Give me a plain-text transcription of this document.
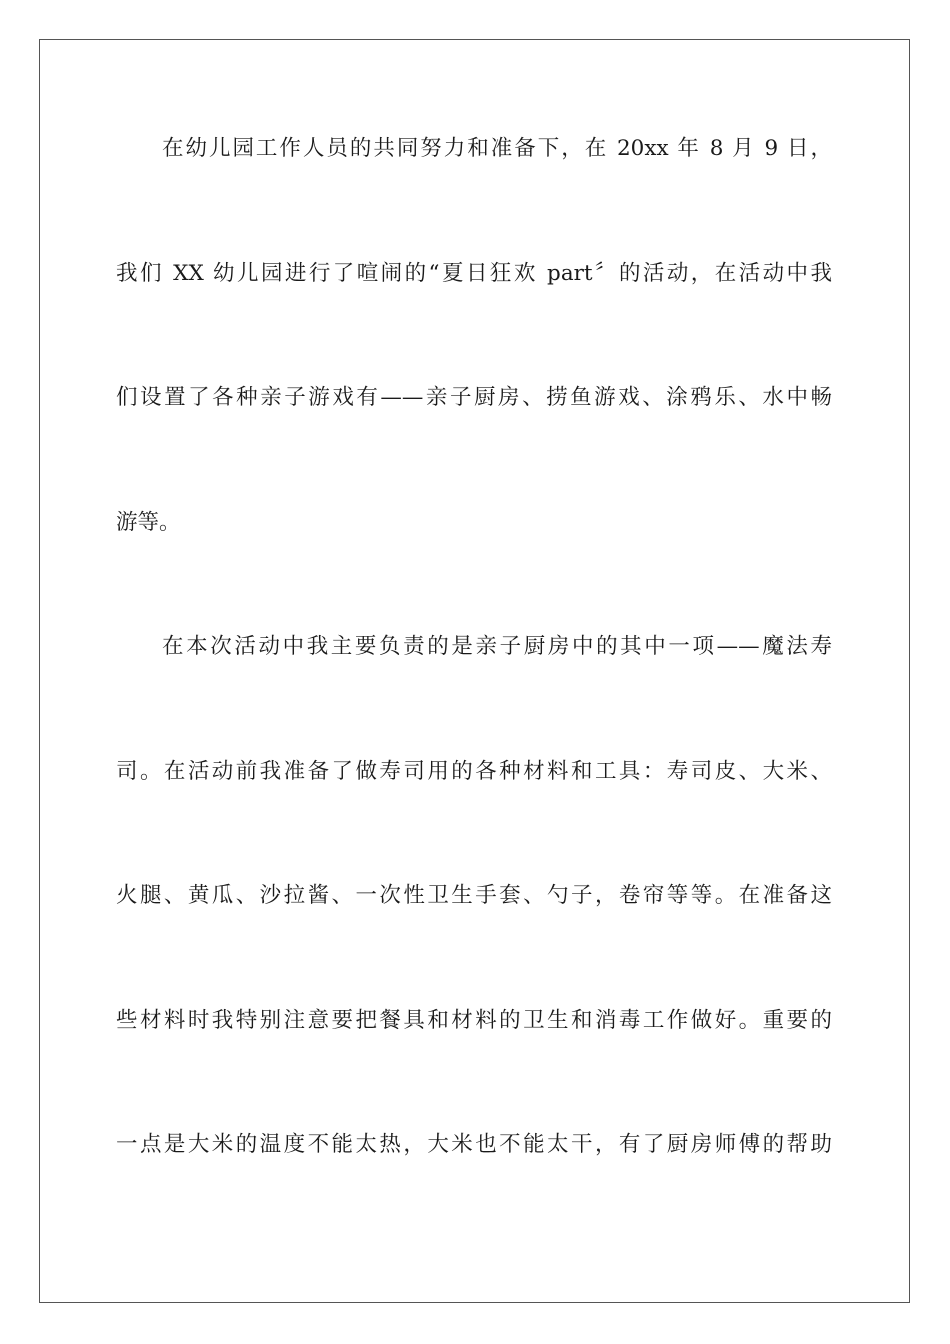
在幼儿园工作人员的共同努力和准备下，在 20xx 年 8 月 9 日，
我们 XX 幼儿园进行了喧闹的“夏日狂欢 part〞的活动，在活动中我
们设置了各种亲子游戏有——亲子厨房、捞鱼游戏、涂鸦乐、水中畅
游等。
在本次活动中我主要负责的是亲子厨房中的其中一项——魔法寿
司。在活动前我准备了做寿司用的各种材料和工具：寿司皮、大米、
火腿、黄瓜、沙拉酱、一次性卫生手套、勺子，卷帘等等。在准备这
些材料时我特别注意要把餐具和材料的卫生和消毒工作做好。重要的
一点是大米的温度不能太热，大米也不能太干，有了厨房师傅的帮助
